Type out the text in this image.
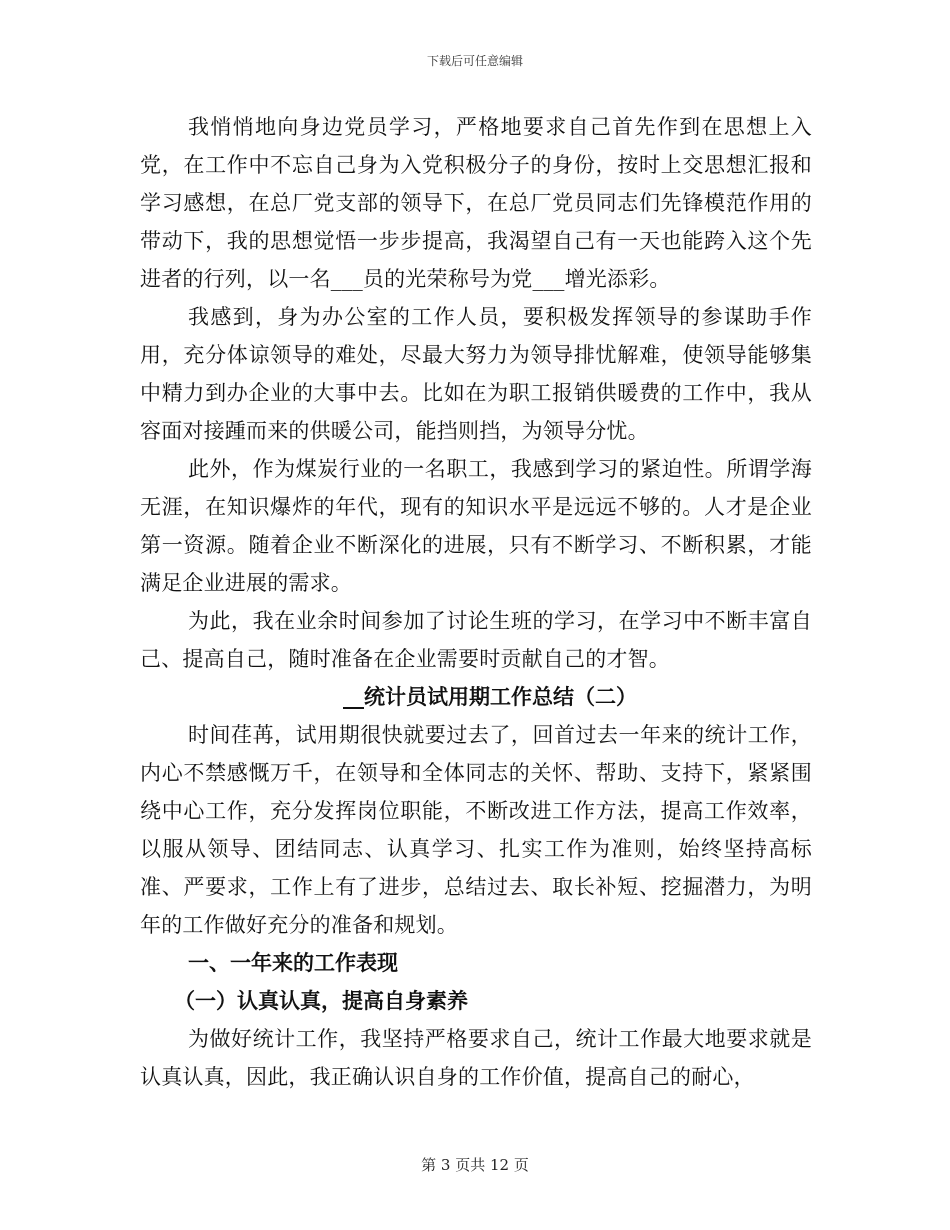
下载后可任意编辑

我悄悄地向身边党员学习，严格地要求自己首先作到在思想上入党，在工作中不忘自己身为入党积极分子的身份，按时上交思想汇报和学习感想，在总厂党支部的领导下，在总厂党员同志们先锋模范作用的带动下，我的思想觉悟一步步提高，我渴望自己有一天也能跨入这个先进者的行列，以一名___员的光荣称号为党___增光添彩。

我感到，身为办公室的工作人员，要积极发挥领导的参谋助手作用，充分体谅领导的难处，尽最大努力为领导排忧解难，使领导能够集中精力到办企业的大事中去。比如在为职工报销供暖费的工作中，我从容面对接踵而来的供暖公司，能挡则挡，为领导分忧。

此外，作为煤炭行业的一名职工，我感到学习的紧迫性。所谓学海无涯，在知识爆炸的年代，现有的知识水平是远远不够的。人才是企业第一资源。随着企业不断深化的进展，只有不断学习、不断积累，才能满足企业进展的需求。

为此，我在业余时间参加了讨论生班的学习，在学习中不断丰富自己、提高自己，随时准备在企业需要时贡献自己的才智。

__统计员试用期工作总结（二）

时间荏苒，试用期很快就要过去了，回首过去一年来的统计工作，内心不禁感慨万千，在领导和全体同志的关怀、帮助、支持下，紧紧围绕中心工作，充分发挥岗位职能，不断改进工作方法，提高工作效率，以服从领导、团结同志、认真学习、扎实工作为准则，始终坚持高标准、严要求，工作上有了进步，总结过去、取长补短、挖掘潜力，为明年的工作做好充分的准备和规划。

一、一年来的工作表现

（一）认真认真，提高自身素养

为做好统计工作，我坚持严格要求自己，统计工作最大地要求就是认真认真，因此，我正确认识自身的工作价值，提高自己的耐心，

第 3 页共 12 页
